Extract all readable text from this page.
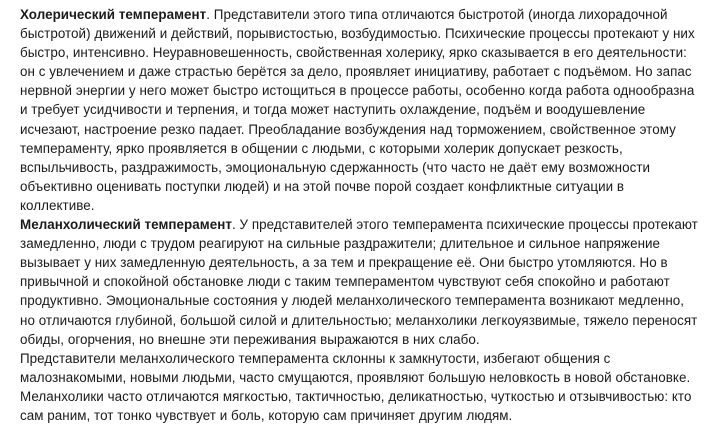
Холерический темперамент. Представители этого типа отличаются быстротой (иногда лихорадочной быстротой) движений и действий, порывистостью, возбудимостью. Психические процессы протекают у них быстро, интенсивно. Неуравновешенность, свойственная холерику, ярко сказывается в его деятельности: он с увлечением и даже страстью берётся за дело, проявляет инициативу, работает с подъёмом. Но запас нервной энергии у него может быстро истощиться в процессе работы, особенно когда работа однообразна и требует усидчивости и терпения, и тогда может наступить охлаждение, подъём и воодушевление исчезают, настроение резко падает. Преобладание возбуждения над торможением, свойственное этому темпераменту, ярко проявляется в общении с людьми, с которыми холерик допускает резкость, вспыльчивость, раздражимость, эмоциональную сдержанность (что часто не даёт ему возможности объективно оценивать поступки людей) и на этой почве порой создает конфликтные ситуации в коллективе.

Меланхолический темперамент. У представителей этого темперамента психические процессы протекают замедленно, люди с трудом реагируют на сильные раздражители; длительное и сильное напряжение вызывает у них замедленную деятельность, а за тем и прекращение её. Они быстро утомляются. Но в привычной и спокойной обстановке люди с таким темпераментом чувствуют себя спокойно и работают продуктивно. Эмоциональные состояния у людей меланхолического темперамента возникают медленно, но отличаются глубиной, большой силой и длительностью; меланхолики легкоуязвимые, тяжело переносят обиды, огорчения, но внешне эти переживания выражаются в них слабо.

Представители меланхолического темперамента склонны к замкнутости, избегают общения с малознакомыми, новыми людьми, часто смущаются, проявляют большую неловкость в новой обстановке. Меланхолики часто отличаются мягкостью, тактичностью, деликатностью, чуткостью и отзывчивостью: кто сам раним, тот тонко чувствует и боль, которую сам причиняет другим людям.
